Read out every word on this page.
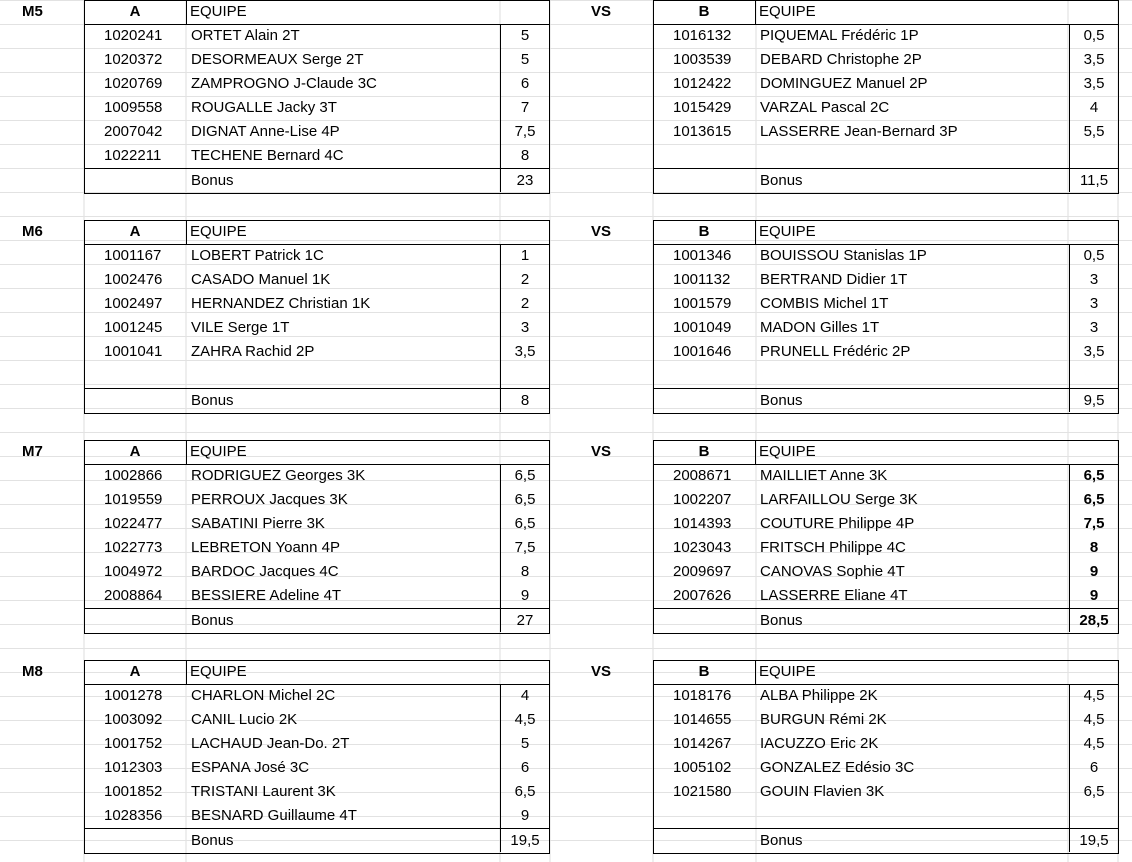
M5	VS
A	EQUIPE
1020241 ORTET Alain 2T	5
1020372 DESORMEAUX Serge 2T	5
1020769 ZAMPROGNO J-Claude 3C	6
1009558 ROUGALLE Jacky 3T	7
2007042 DIGNAT Anne-Lise 4P	7,5
1022211 TECHENE Bernard 4C	8
Bonus	23
B	EQUIPE
1016132 PIQUEMAL Frédéric 1P	0,5
1003539 DEBARD Christophe 2P	3,5
1012422 DOMINGUEZ Manuel 2P	3,5
1015429 VARZAL Pascal 2C	4
1013615 LASSERRE Jean-Bernard 3P	5,5
Bonus	11,5
M6	VS
A	EQUIPE
1001167 LOBERT Patrick 1C	1
1002476 CASADO Manuel 1K	2
1002497 HERNANDEZ Christian 1K	2
1001245 VILE Serge 1T	3
1001041 ZAHRA Rachid 2P	3,5
Bonus	8
B	EQUIPE
1001346 BOUISSOU Stanislas 1P	0,5
1001132 BERTRAND Didier 1T	3
1001579 COMBIS Michel 1T	3
1001049 MADON Gilles 1T	3
1001646 PRUNELL Frédéric 2P	3,5
Bonus	9,5
M7	VS
A	EQUIPE
1002866 RODRIGUEZ Georges 3K	6,5
1019559 PERROUX Jacques 3K	6,5
1022477 SABATINI Pierre 3K	6,5
1022773 LEBRETON Yoann 4P	7,5
1004972 BARDOC Jacques 4C	8
2008864 BESSIERE Adeline 4T	9
Bonus	27
B	EQUIPE
2008671 MAILLIET Anne 3K	6,5
1002207 LARFAILLOU Serge 3K	6,5
1014393 COUTURE Philippe 4P	7,5
1023043 FRITSCH Philippe 4C	8
2009697 CANOVAS Sophie 4T	9
2007626 LASSERRE Eliane 4T	9
Bonus	28,5
M8	VS
A	EQUIPE
1001278 CHARLON Michel 2C	4
1003092 CANIL Lucio 2K	4,5
1001752 LACHAUD Jean-Do. 2T	5
1012303 ESPANA José 3C	6
1001852 TRISTANI Laurent 3K	6,5
1028356 BESNARD Guillaume 4T	9
Bonus	19,5
B	EQUIPE
1018176 ALBA Philippe 2K	4,5
1014655 BURGUN Rémi 2K	4,5
1014267 IACUZZO Eric 2K	4,5
1005102 GONZALEZ Edésio 3C	6
1021580 GOUIN Flavien 3K	6,5
Bonus	19,5
